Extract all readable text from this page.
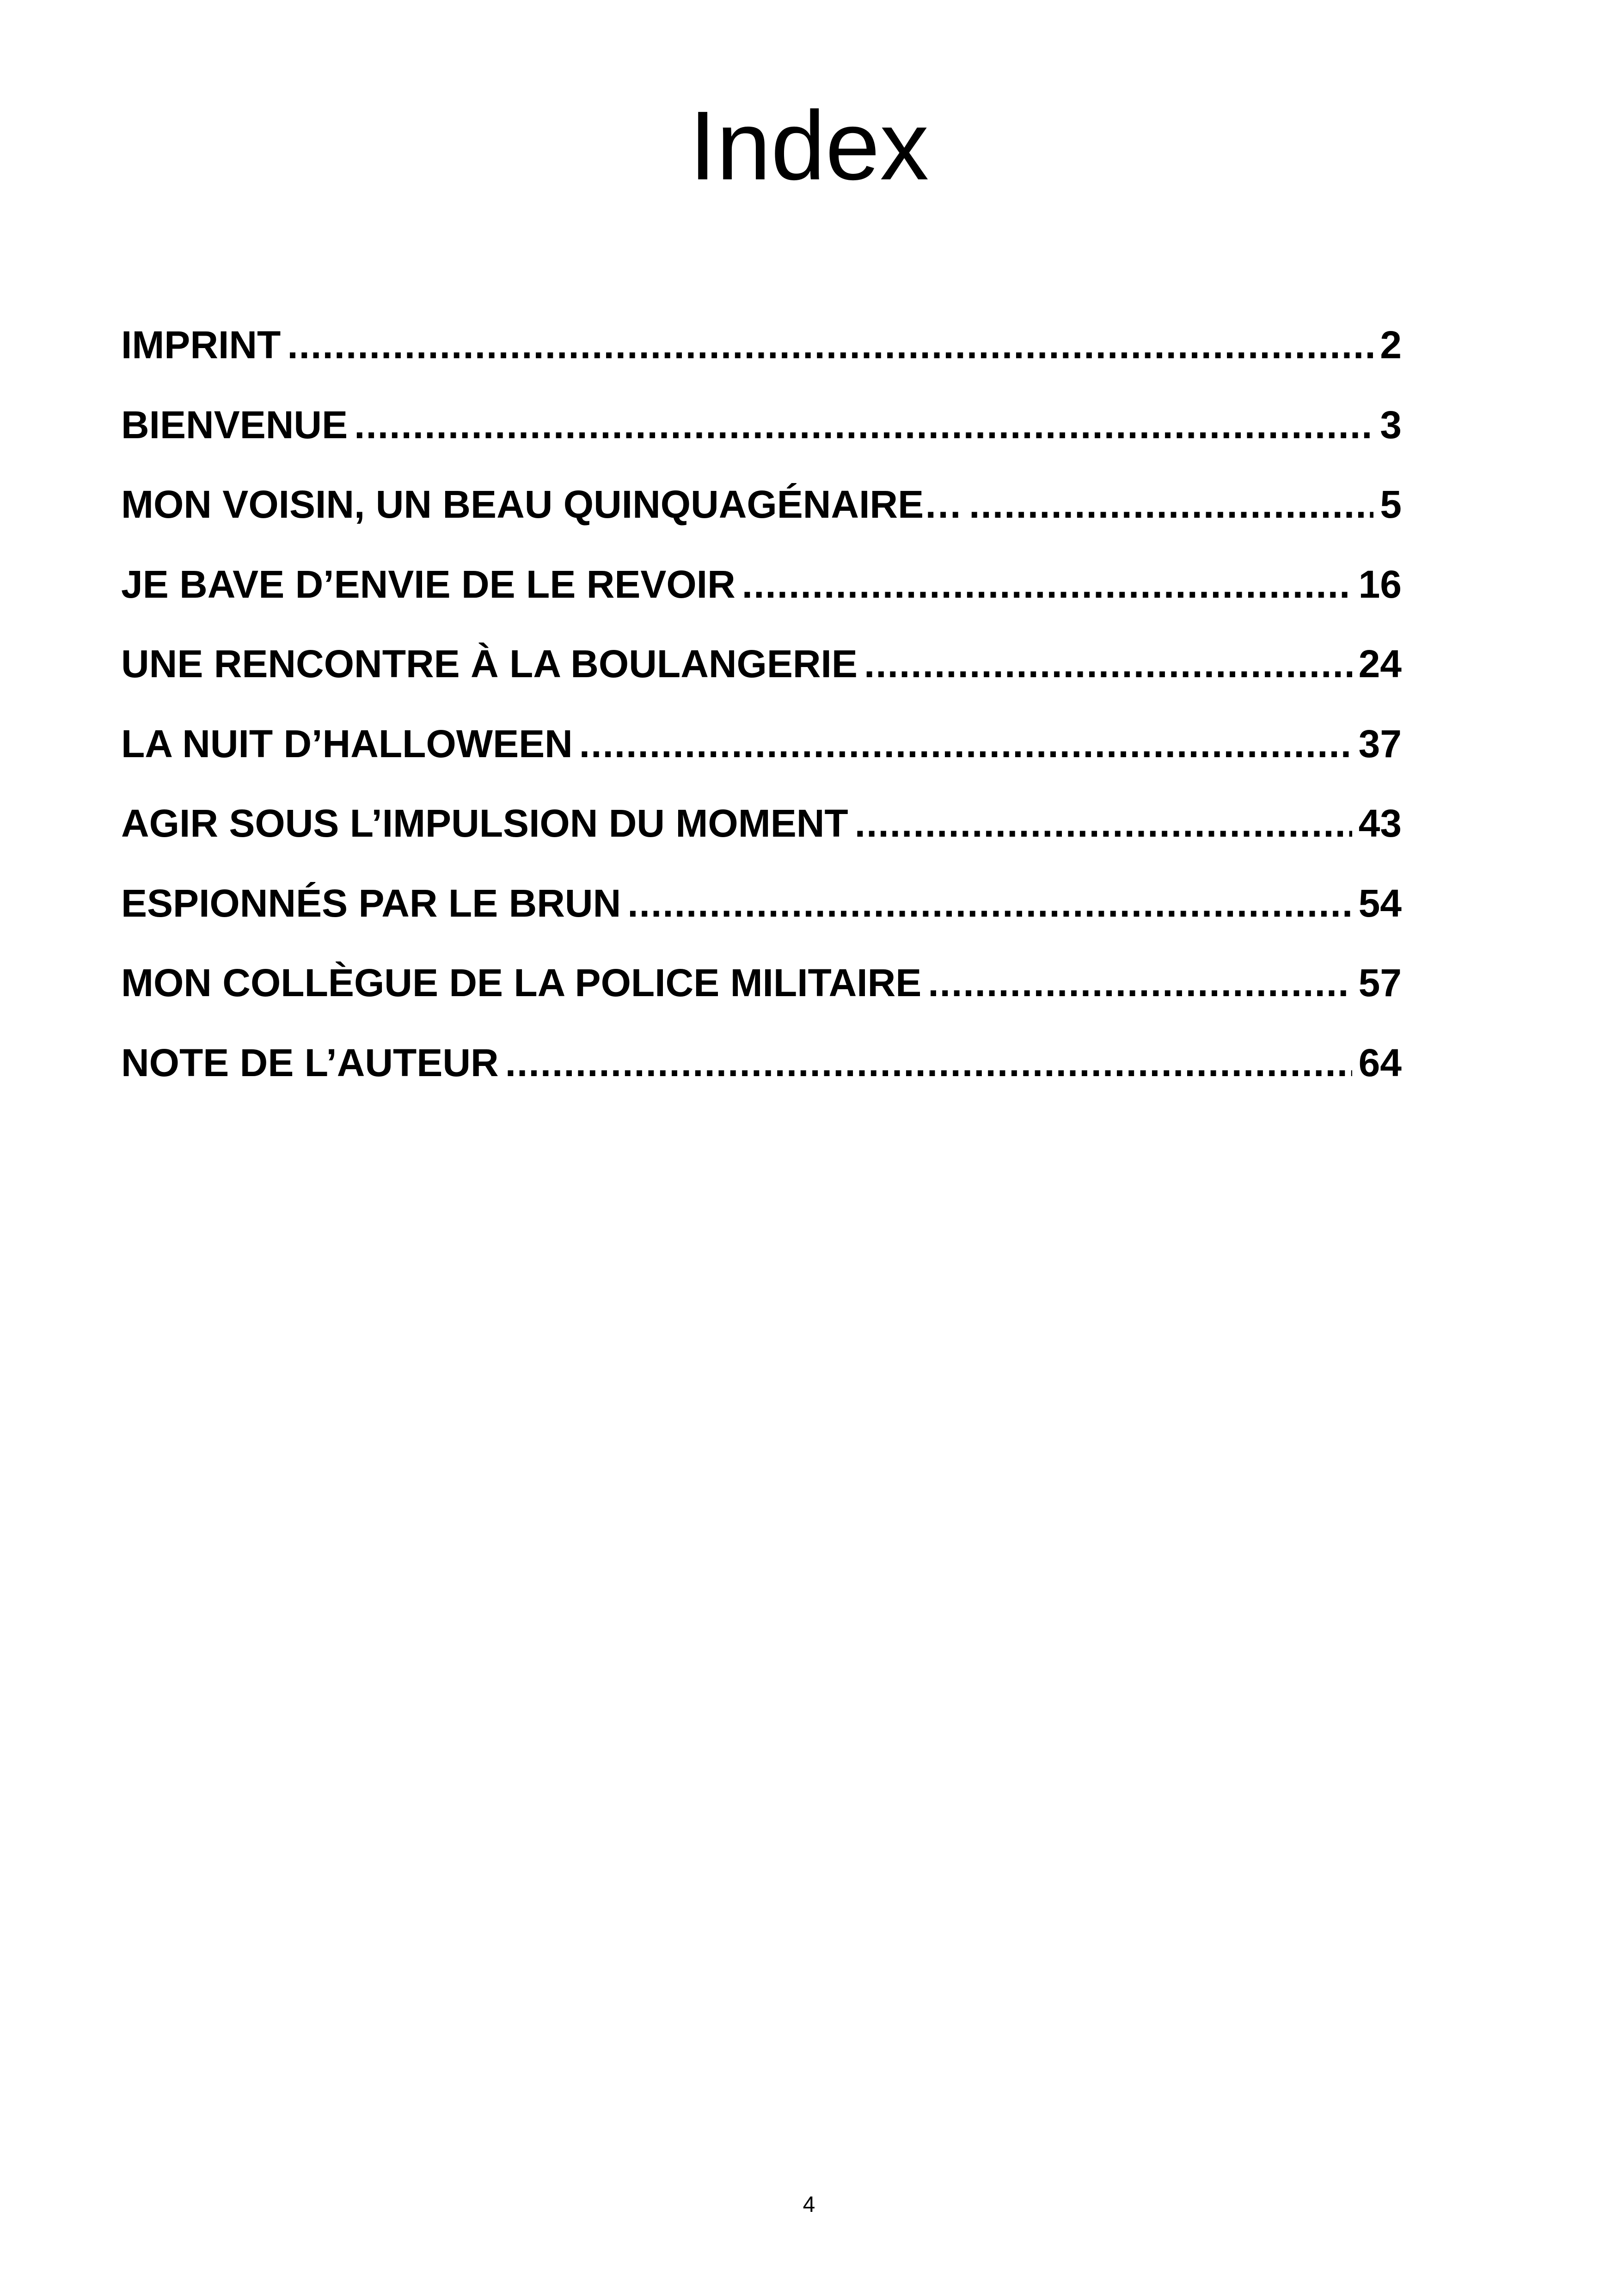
Index
IMPRINT .....	2
BIENVENUE .....	3
MON VOISIN, UN BEAU QUINQUAGÉNAIRE… .....	5
JE BAVE D’ENVIE DE LE REVOIR .....	16
UNE RENCONTRE À LA BOULANGERIE .....	24
LA NUIT D’HALLOWEEN .....	37
AGIR SOUS L’IMPULSION DU MOMENT .....	43
ESPIONNÉS PAR LE BRUN .....	54
MON COLLÈGUE DE LA POLICE MILITAIRE .....	57
NOTE DE L’AUTEUR .....	64
4
